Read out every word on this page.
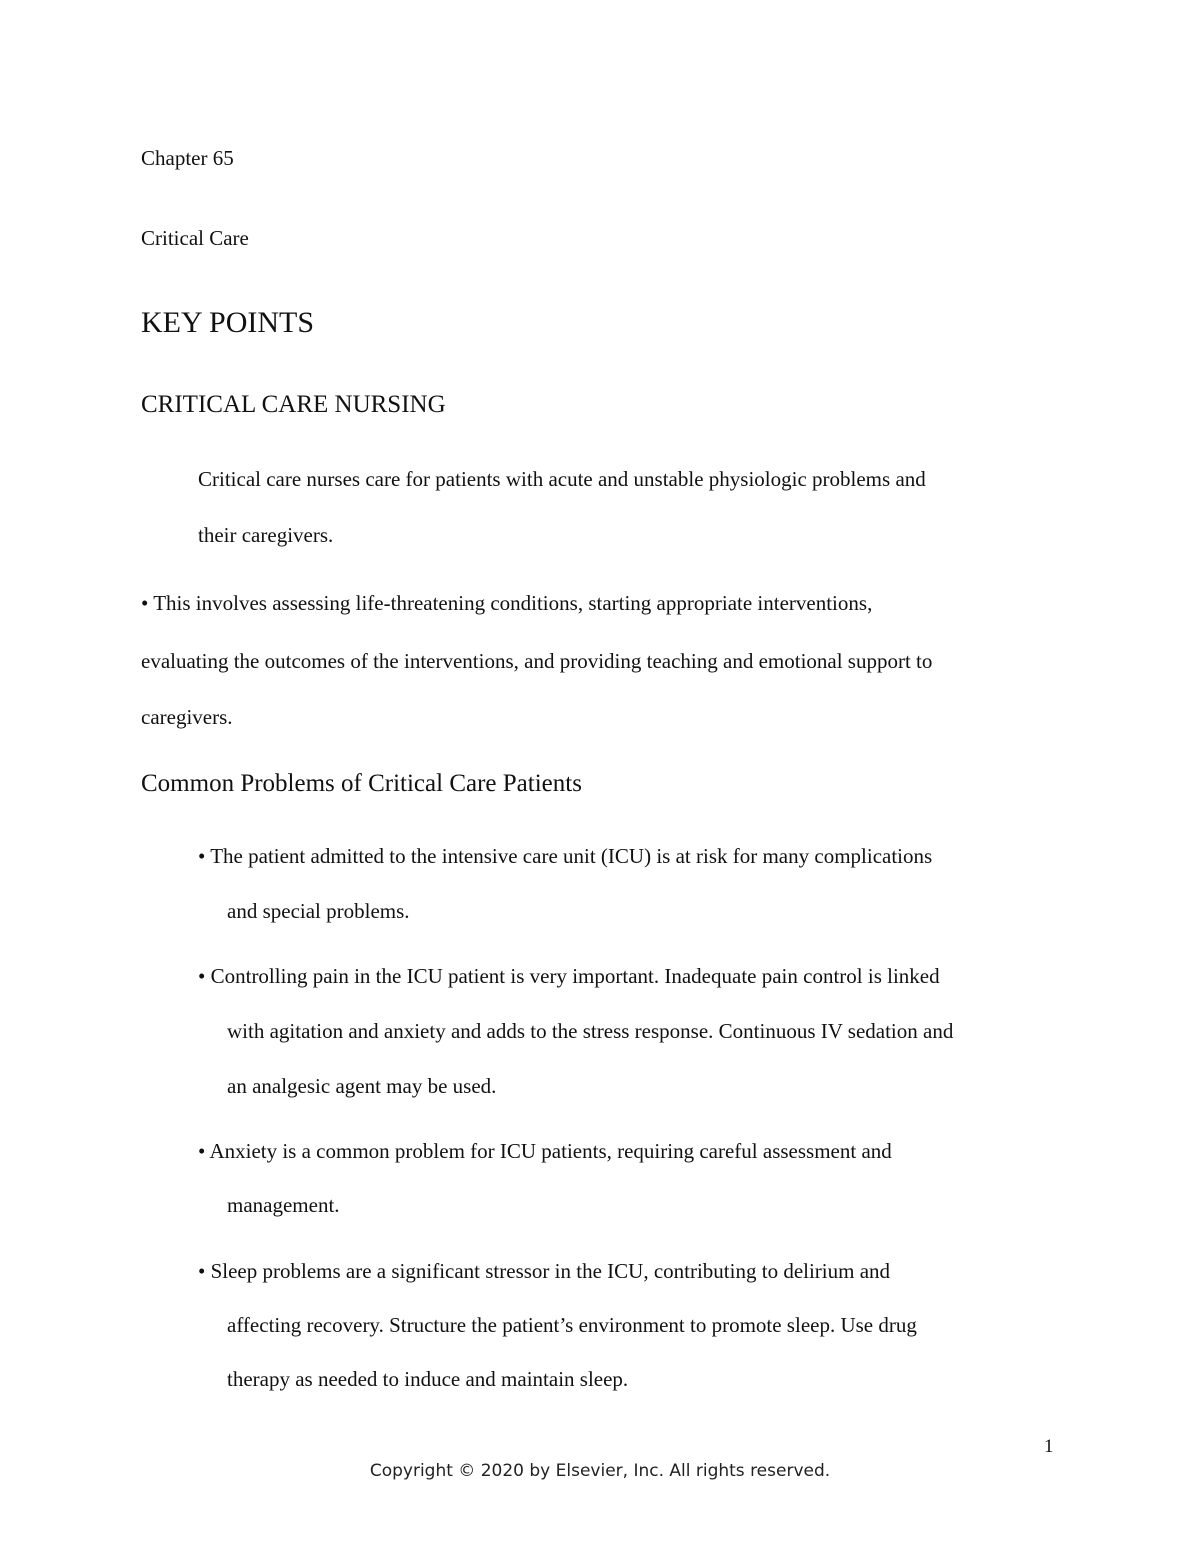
Chapter 65
Critical Care
KEY POINTS
CRITICAL CARE NURSING
Critical care nurses care for patients with acute and unstable physiologic problems and
their caregivers.
• This involves assessing life-threatening conditions, starting appropriate interventions,
evaluating the outcomes of the interventions, and providing teaching and emotional support to
caregivers.
Common Problems of Critical Care Patients
• The patient admitted to the intensive care unit (ICU) is at risk for many complications
and special problems.
• Controlling pain in the ICU patient is very important. Inadequate pain control is linked
with agitation and anxiety and adds to the stress response. Continuous IV sedation and
an analgesic agent may be used.
• Anxiety is a common problem for ICU patients, requiring careful assessment and
management.
• Sleep problems are a significant stressor in the ICU, contributing to delirium and
affecting recovery. Structure the patient’s environment to promote sleep. Use drug
therapy as needed to induce and maintain sleep.
1
Copyright © 2020 by Elsevier, Inc. All rights reserved.
